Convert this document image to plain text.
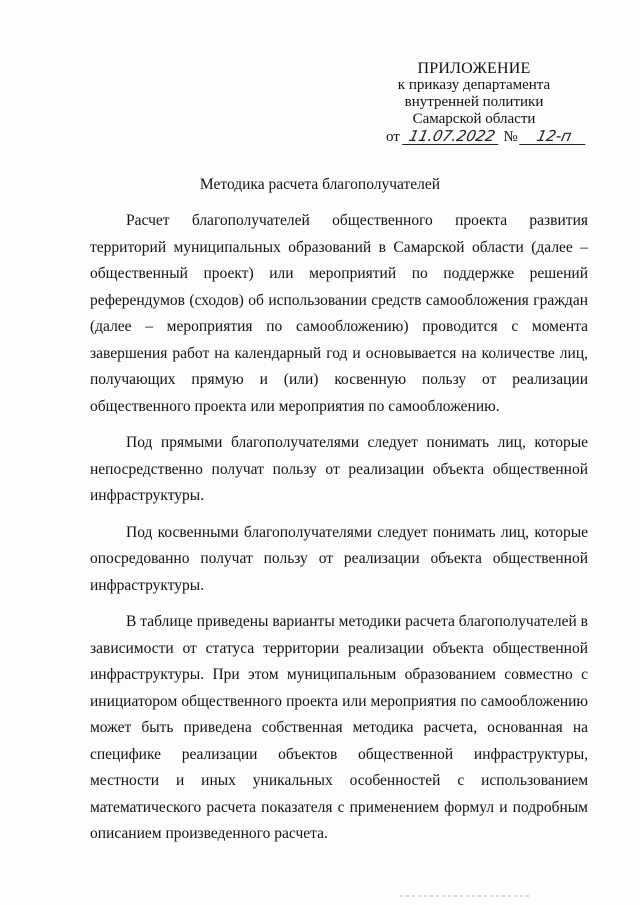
ПРИЛОЖЕНИЕ
к приказу департамента
внутренней политики
Самарской области
от 11.07.2022 № 12-п
Методика расчета благополучателей

Расчет благополучателей общественного проекта развития территорий муниципальных образований в Самарской области (далее – общественный проект) или мероприятий по поддержке решений референдумов (сходов) об использовании средств самообложения граждан (далее – мероприятия по самообложению) проводится с момента завершения работ на календарный год и основывается на количестве лиц, получающих прямую и (или) косвенную пользу от реализации общественного проекта или мероприятия по самообложению.

Под прямыми благополучателями следует понимать лиц, которые непосредственно получат пользу от реализации объекта общественной инфраструктуры.

Под косвенными благополучателями следует понимать лиц, которые опосредованно получат пользу от реализации объекта общественной инфраструктуры.

В таблице приведены варианты методики расчета благополучателей в зависимости от статуса территории реализации объекта общественной инфраструктуры. При этом муниципальным образованием совместно с инициатором общественного проекта или мероприятия по самообложению может быть приведена собственная методика расчета, основанная на специфике реализации объектов общественной инфраструктуры, местности и иных уникальных особенностей с использованием математического расчета показателя с применением формул и подробным описанием произведенного расчета.
